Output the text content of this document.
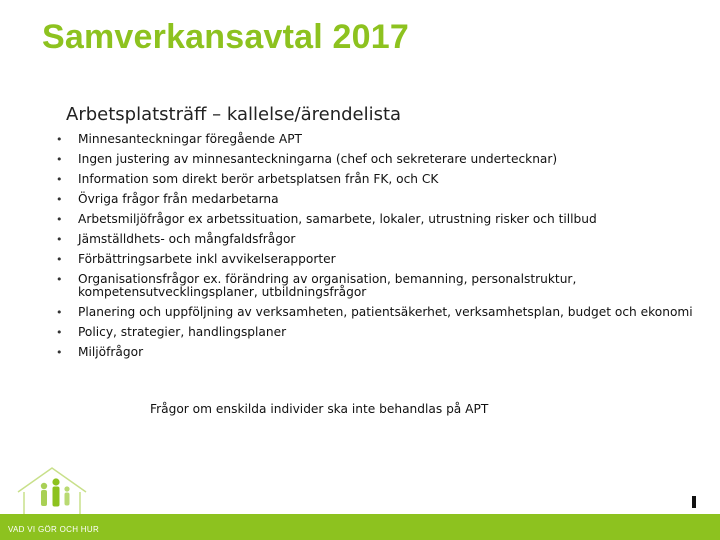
Samverkansavtal 2017
Arbetsplatsträff – kallelse/ärendelista
• Minnesanteckningar föregående APT
• Ingen justering av minnesanteckningarna (chef och sekreterare undertecknar)
• Information som direkt berör arbetsplatsen från FK, och CK
• Övriga frågor från medarbetarna
• Arbetsmiljöfrågor ex arbetssituation, samarbete, lokaler, utrustning risker och tillbud
• Jämställdhets- och mångfaldsfrågor
• Förbättringsarbete inkl avvikelserapporter
• Organisationsfrågor ex. förändring av organisation, bemanning, personalstruktur, kompetensutvecklingsplaner, utbildningsfrågor
• Planering och uppföljning av verksamheten, patientsäkerhet, verksamhetsplan, budget och ekonomi
• Policy, strategier, handlingsplaner
• Miljöfrågor
Frågor om enskilda individer ska inte behandlas på APT
VAD VI GÖR OCH HUR
